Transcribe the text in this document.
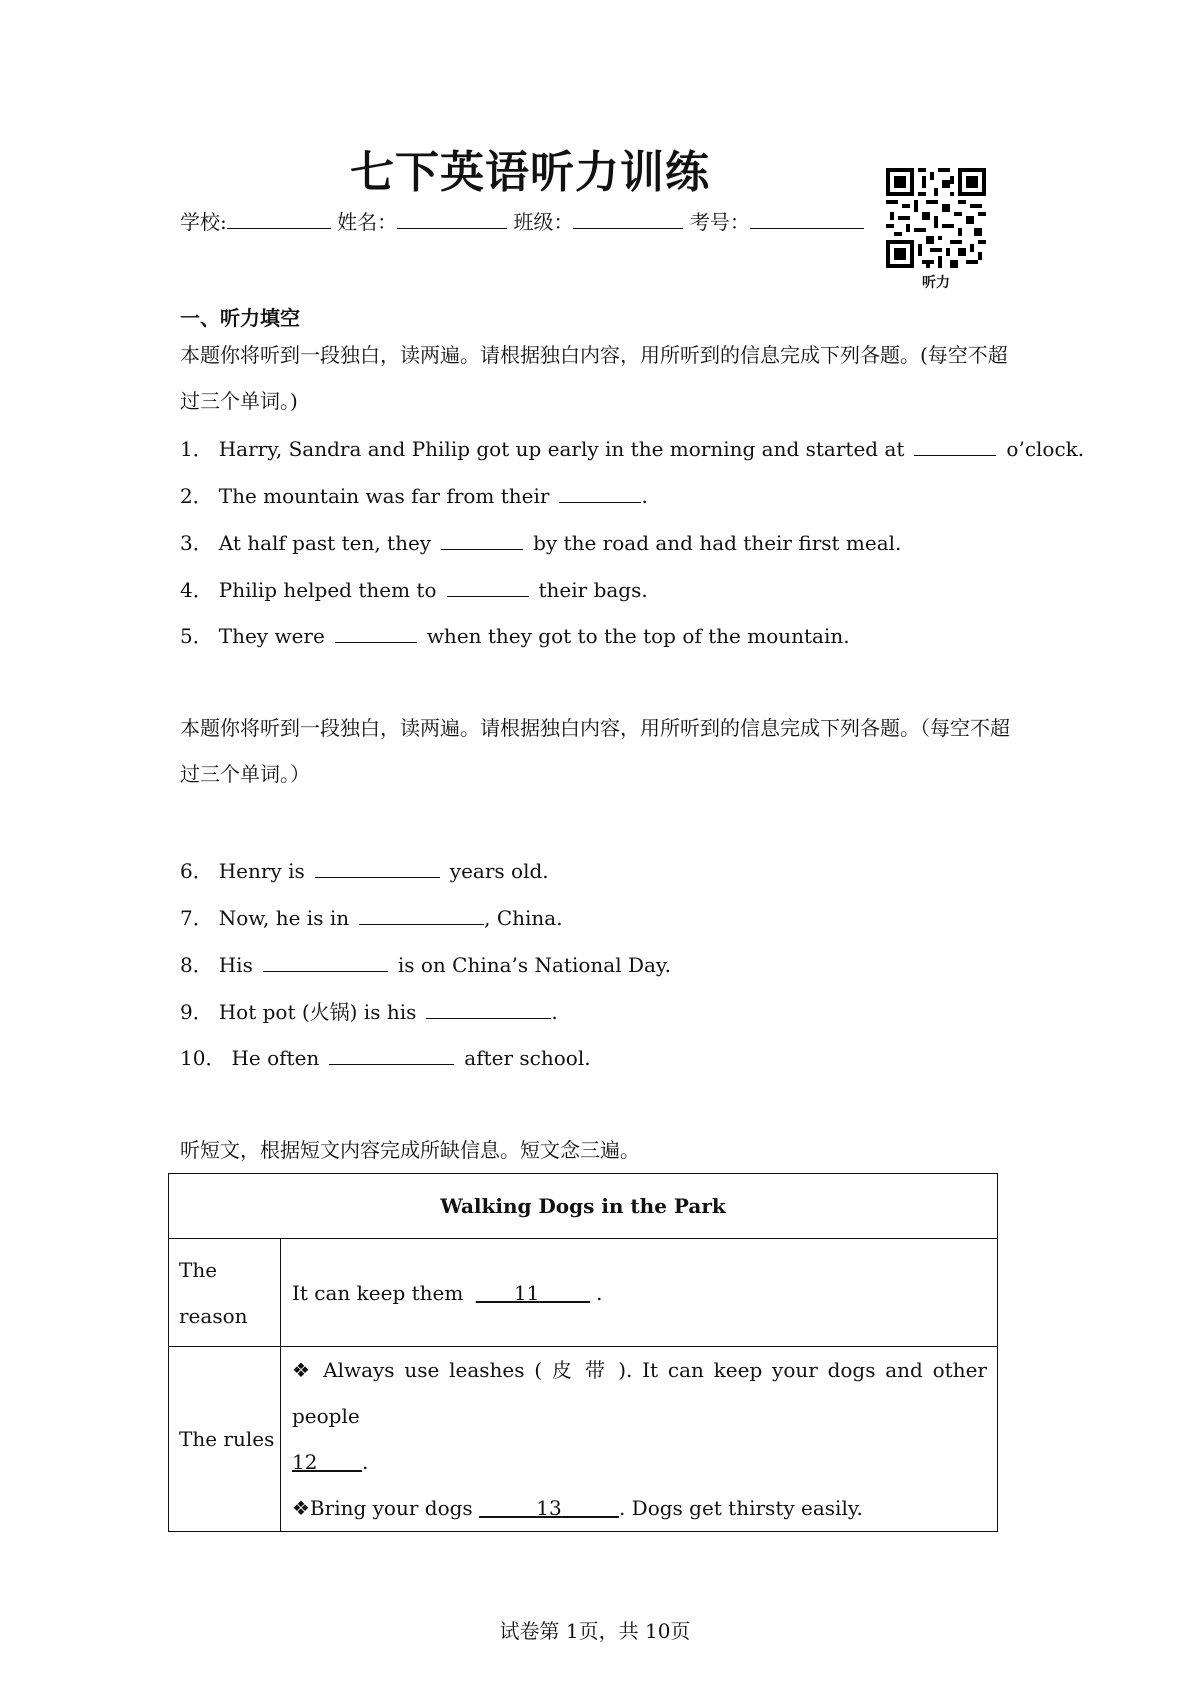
七下英语听力训练
学校:	姓名：	班级：	考号：
听力
一、听力填空
本题你将听到一段独白，读两遍。请根据独白内容，用所听到的信息完成下列各题。(每空不超过三个单词。)
1． Harry, Sandra and Philip got up early in the morning and started at	o’clock.
2． The mountain was far from their	.
3． At half past ten, they	by the road and had their first meal.
4． Philip helped them to	their bags.
5． They were	when they got to the top of the mountain.
本题你将听到一段独白，读两遍。请根据独白内容，用所听到的信息完成下列各题。（每空不超过三个单词。）
6． Henry is	years old.
7． Now, he is in	, China.
8． His	is on China’s National Day.
9． Hot pot (火锅) is his	.
10． He often	after school.
听短文，根据短文内容完成所缺信息。短文念三遍。
Walking Dogs in the Park	

The
reason	It can keep them 11 .
The rules	❖ Always use leashes ( 皮 带 ). It can keep your dogs and other people
12 .
❖Bring your dogs 13 . Dogs get thirsty easily.
试卷第 1页，共 10页
